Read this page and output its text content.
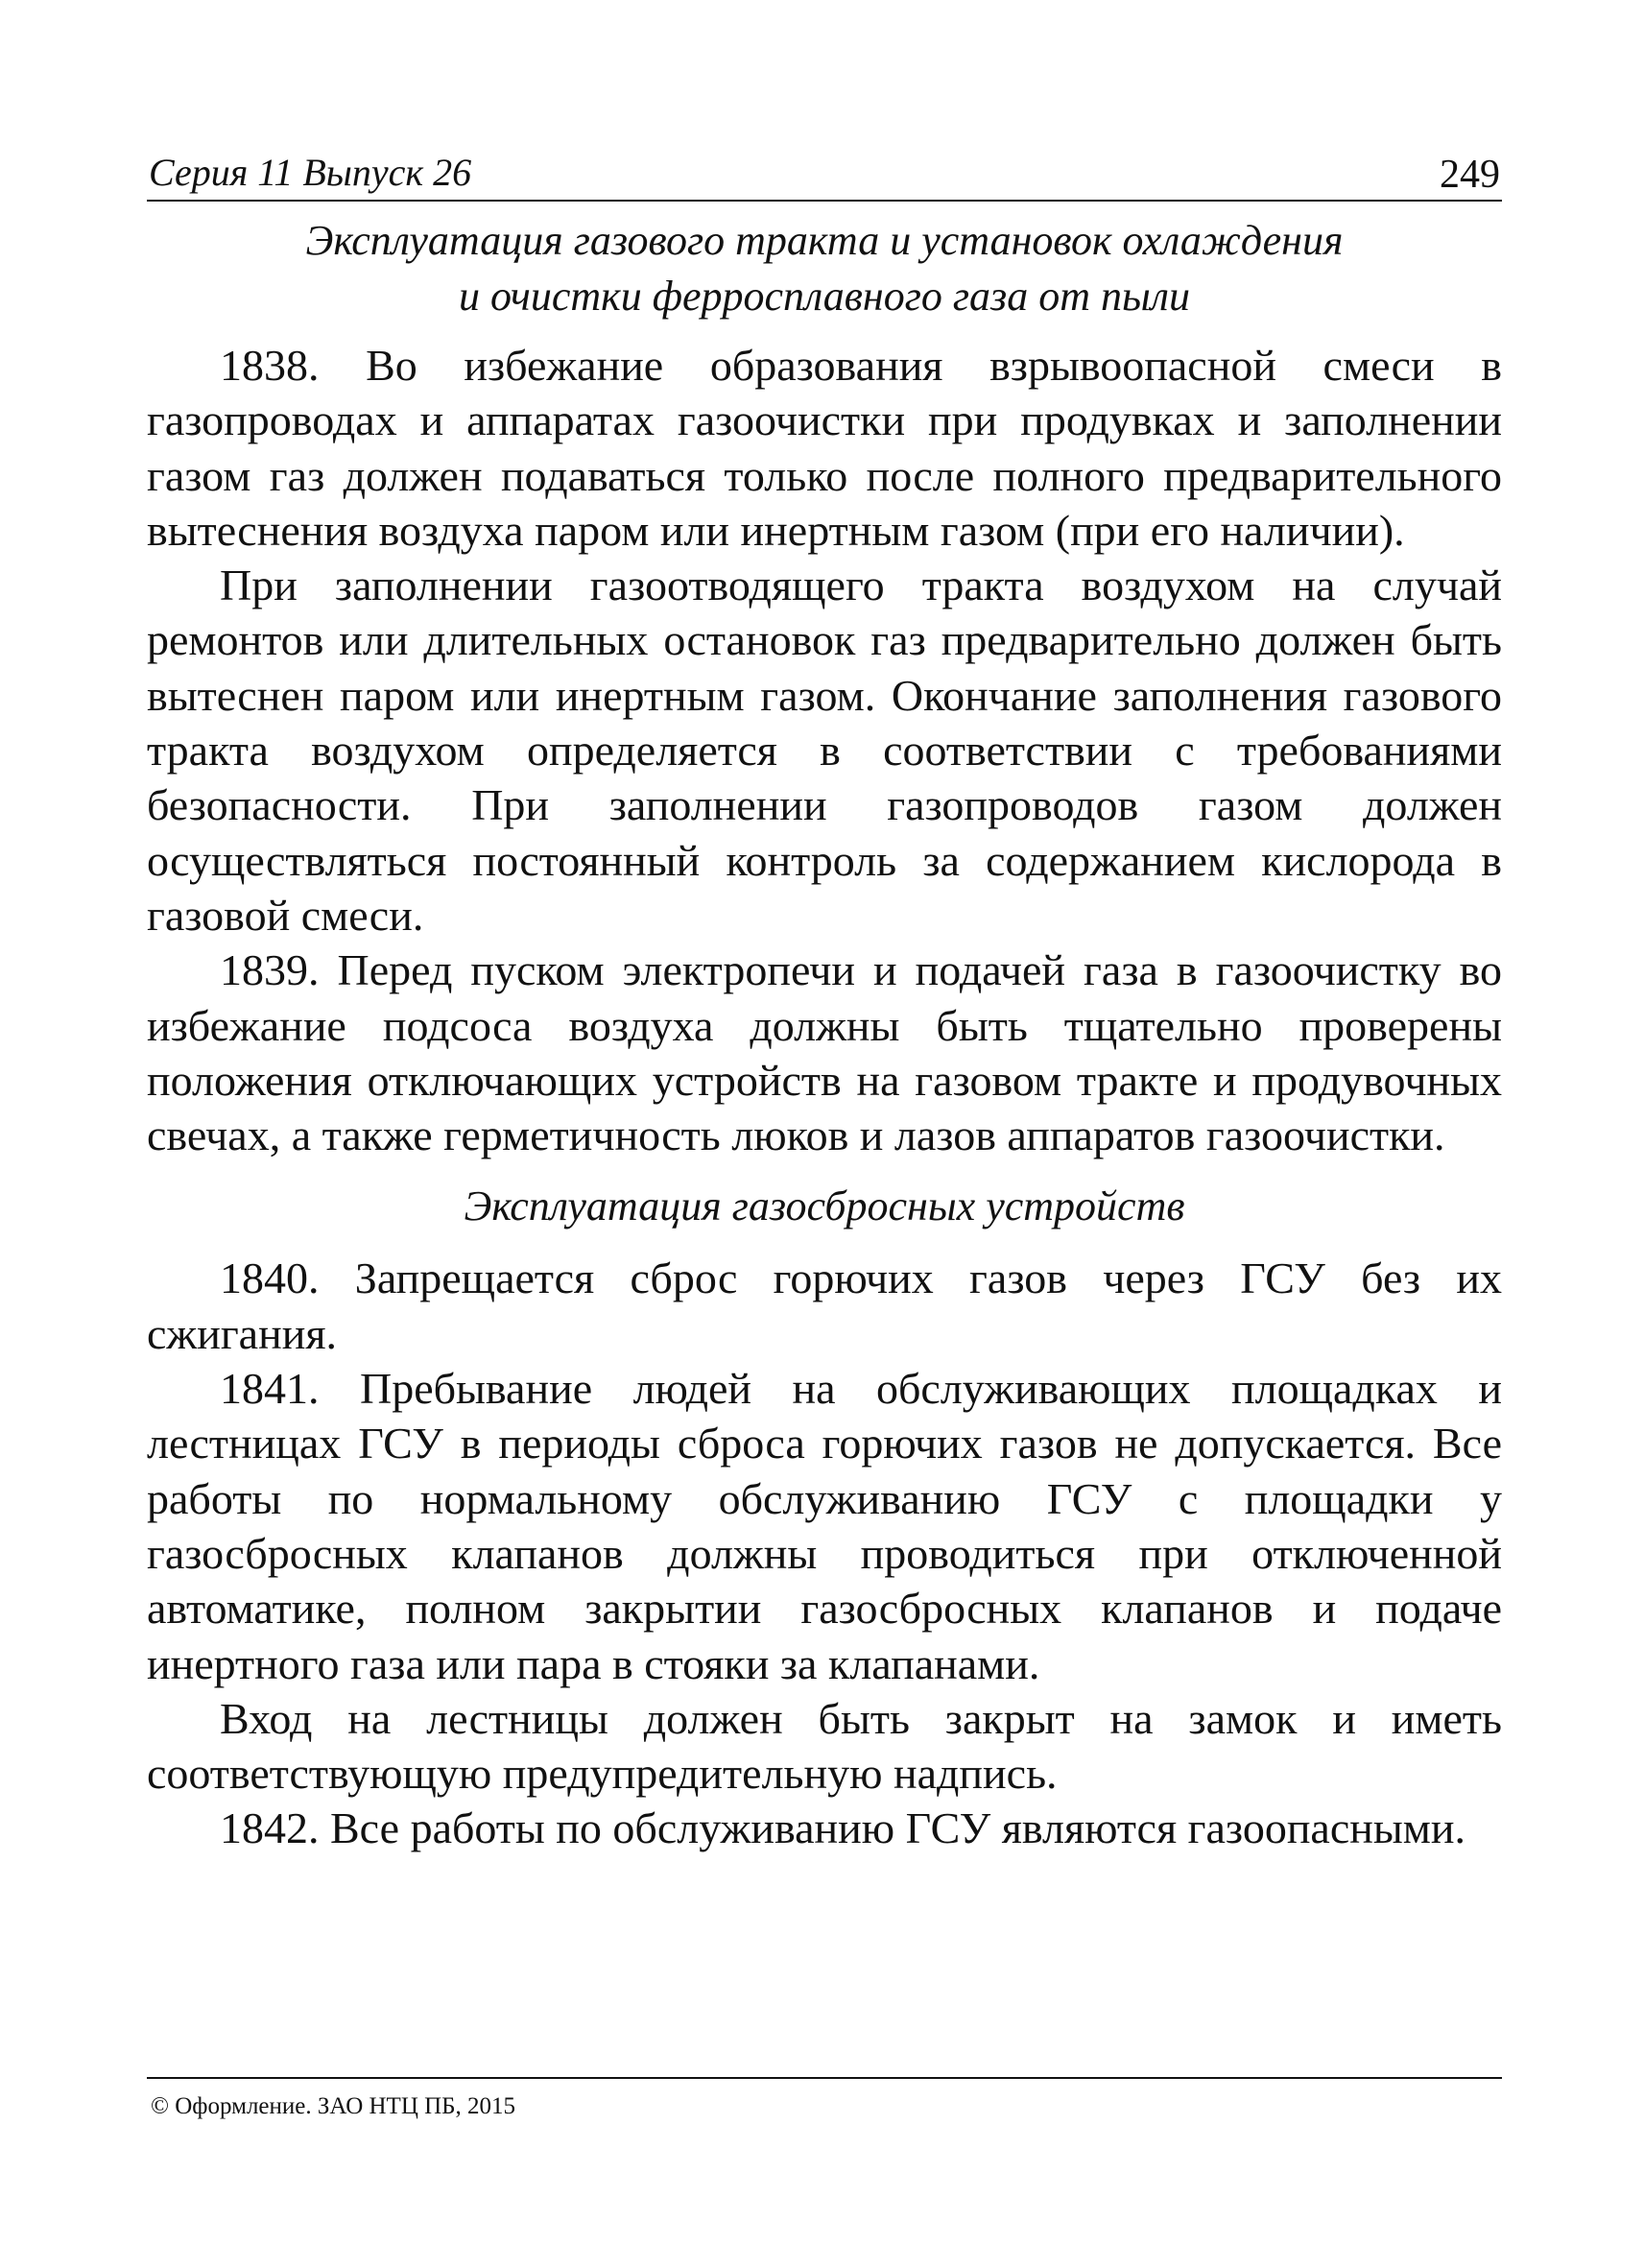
Серия 11 Выпуск 26	249
Эксплуатация газового тракта и установок охлаждения
и очистки ферросплавного газа от пыли

1838. Во избежание образования взрывоопасной смеси в газопроводах и аппаратах газоочистки при продувках и заполнении газом газ должен подаваться только после полного предварительного вытеснения воздуха паром или инертным газом (при его наличии).

При заполнении газоотводящего тракта воздухом на случай ремонтов или длительных остановок газ предварительно должен быть вытеснен паром или инертным газом. Окончание заполнения газового тракта воздухом определяется в соответствии с требованиями безопасности. При заполнении газопроводов газом должен осуществляться постоянный контроль за содержанием кислорода в газовой смеси.

1839. Перед пуском электропечи и подачей газа в газоочистку во избежание подсоса воздуха должны быть тщательно проверены положения отключающих устройств на газовом тракте и продувочных свечах, а также герметичность люков и лазов аппаратов газоочистки.

Эксплуатация газосбросных устройств

1840. Запрещается сброс горючих газов через ГСУ без их сжигания.

1841. Пребывание людей на обслуживающих площадках и лестницах ГСУ в периоды сброса горючих газов не допускается. Все работы по нормальному обслуживанию ГСУ с площадки у газосбросных клапанов должны проводиться при отключенной автоматике, полном закрытии газосбросных клапанов и подаче инертного газа или пара в стояки за клапанами.

Вход на лестницы должен быть закрыт на замок и иметь соответствующую предупредительную надпись.

1842. Все работы по обслуживанию ГСУ являются газоопасными.

© Оформление. ЗАО НТЦ ПБ, 2015
